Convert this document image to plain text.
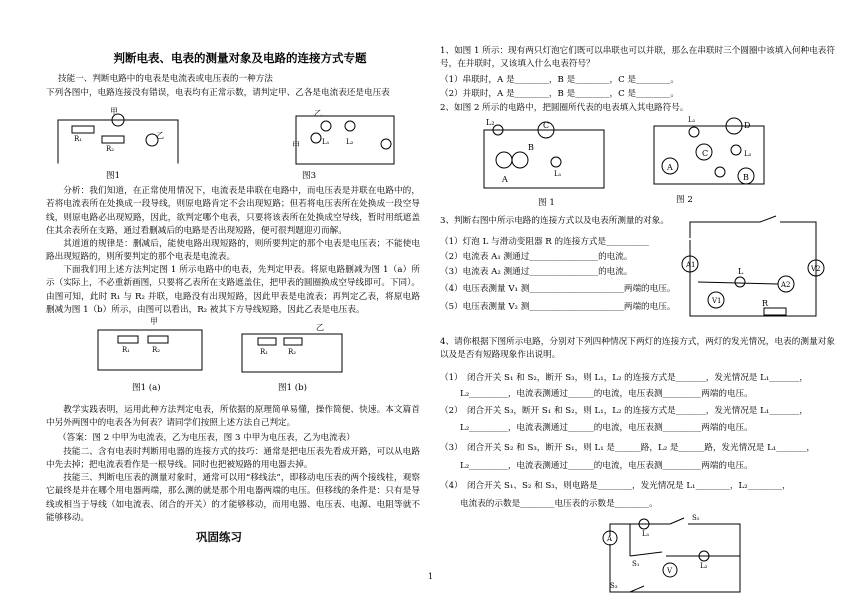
判断电表、电表的测量对象及电路的连接方式专题
技能一、判断电路中的电表是电流表或电压表的一种方法
下列各图中，电路连接没有错误，电表均有正常示数，请判定甲、乙各是电流表还是电压表
甲
乙
R₁
R₂
图1
乙
L₁ L₂
甲
图3
分析：我们知道，在正常使用情况下，电流表是串联在电路中，而电压表是并联在电路中的，若将电流表所在处换成一段导线，则原电路肯定不会出现短路；但若将电压表所在处换成一段空导线，则原电路必出现短路，因此，欲判定哪个电表，只要将该表所在处换成空导线，暂时用纸遮盖住其余表所在支路，通过看删减后的电路是否出现短路，便可很判题迎刃而解。
其道道的规律是：删减后，能使电路出现短路的，则所要判定的那个电表是电压表；不能使电路出现短路的，则所要判定的那个电表是电流表。
下面我们用上述方法判定图 1 所示电路中的电表，先判定甲表。将原电路删减为图 1（a）所示（实际上，不必重新画图，只要将乙表所在支路遮盖住，把甲表的圆圈换成空导线即可。下同）。由图可知，此时 R₁ 与 R₂ 并联，电路没有出现短路，因此甲表是电流表；再判定乙表，将原电路删减为图 1（b）所示，由图可以看出，R₂ 被其下方导线短路，因此乙表是电压表。
甲
R₁	R₂
图1 (a)
乙
R₁	R₂
图1 (b)
教学实践表明，运用此种方法判定电表，所依据的原理简单易懂，操作简便、快速。本文篇首中另外两图中的电表各为何表？请同学们按照上述方法自己判定。
（答案：图 2 中甲为电流表，乙为电压表，图 3 中甲为电压表，乙为电流表）
技能二、含有电表时判断用电器的连接方式的技巧：通常是把电压表先看成开路，可以从电路中先去掉；把电流表看作是一根导线。同时也把被短路的用电器去掉。
技能三、判断电压表的测量对象时，通常可以用“移线法”，即移动电压表的两个接线柱，观察它最终是并在哪个用电器两端，那么测的就是那个用电器两端的电压。但移线的条件是：只有是导线或相当于导线（如电流表、闭合的开关）的才能够移动，而用电器、电压表、电源、电阻等就不能够移动。
巩固练习
1、如图 1 所示：现有两只灯泡它们既可以串联也可以并联，那么在串联时三个圆圈中该填入何种电表符号，在并联时，又该填入什么电表符号？
（1）串联时，A 是________，B 是________，C 是________。
（2）并联时，A 是________，B 是________，C 是________。
2、如图 2 所示的电路中，把圆圈所代表的电表填入其电路符号。
L₂	C
B
A
L₁
图 1
L₁
D
C	L₂
A
B
图 2
3、判断右图中所示电路的连接方式以及电表所测量的对象。
（1）灯泡 L 与滑动变阻器 R 的连接方式是__________
（2）电流表 A₁ 测通过________________的电流。
（3）电流表 A₂ 测通过________________的电流。
（4）电压表测量 V₁ 测______________________两端的电压。
（5）电压表测量 V₂ 测______________________两端的电压。
A1	V2
L
A2
V1	R
4、请你根据下图所示电路，分别对下列四种情况下两灯的连接方式，两灯的发光情况，电表的测量对象以及是否有短路现象作出说明。
（1）　闭合开关 S₁ 和 S₂，断开 S₃，则 L₁，L₂ 的连接方式是_______，发光情况是 L₁_______，
L₂_________，电流表测通过______的电流，电压表测_________两端的电压。
（2）　闭合开关 S₃，断开 S₁ 和 S₂，则 L₁，L₂ 的连接方式是_______，发光情况是 L₁_______，
L₂_________，电流表测通过______的电流，电压表测_________两端的电压。
（3）　闭合开关 S₂ 和 S₃，断开 S₁，则 L₁ 是______路，L₂ 是______路，发光情况是 L₁_______，
L₂_________，电流表测通过______的电流，电压表测_________两端的电压。
（4）　闭合开关 S₁、S₂ 和 S₃，则电路是________，发光情况是 L₁________，L₂________，
电流表的示数是________电压表的示数是________。
A
L₁
S₂
S₁	L₂
V
S₃
1
